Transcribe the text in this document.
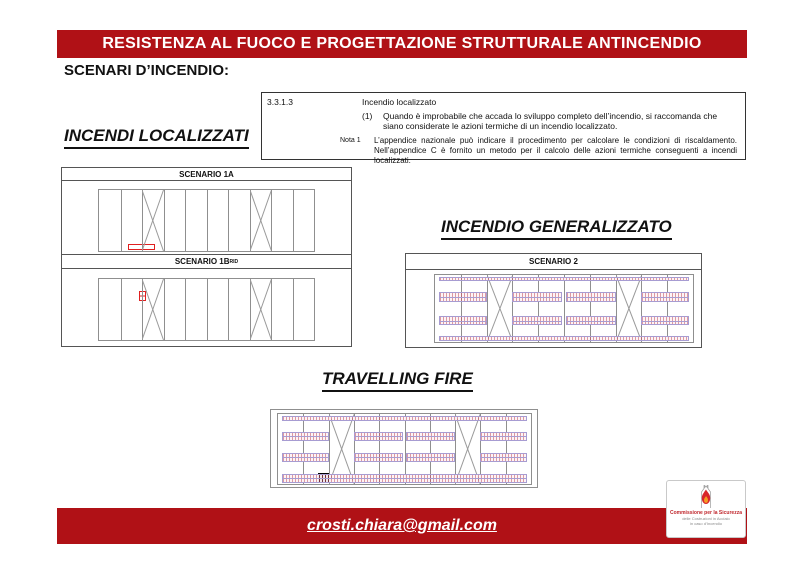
RESISTENZA AL FUOCO E PROGETTAZIONE STRUTTURALE ANTINCENDIO
SCENARI D’INCENDIO:
3.3.1.3	Incendio localizzato
(1)	Quando è improbabile che accada lo sviluppo completo dell’incendio, si raccomanda che siano considerate le azioni termiche di un incendio localizzato.
Nota 1	L’appendice nazionale può indicare il procedimento per calcolare le condizioni di riscaldamento. Nell’appendice C è fornito un metodo per il calcolo delle azioni termiche conseguenti a incendi localizzati.
INCENDI LOCALIZZATI
INCENDIO GENERALIZZATO
TRAVELLING FIRE
SCENARIO 1A
SCENARIO 1B RID	SCENARIO 2
crosti.chiara@gmail.com
Commissione per la Sicurezza
delle Costruzioni in Acciaio
in caso d’Incendio
